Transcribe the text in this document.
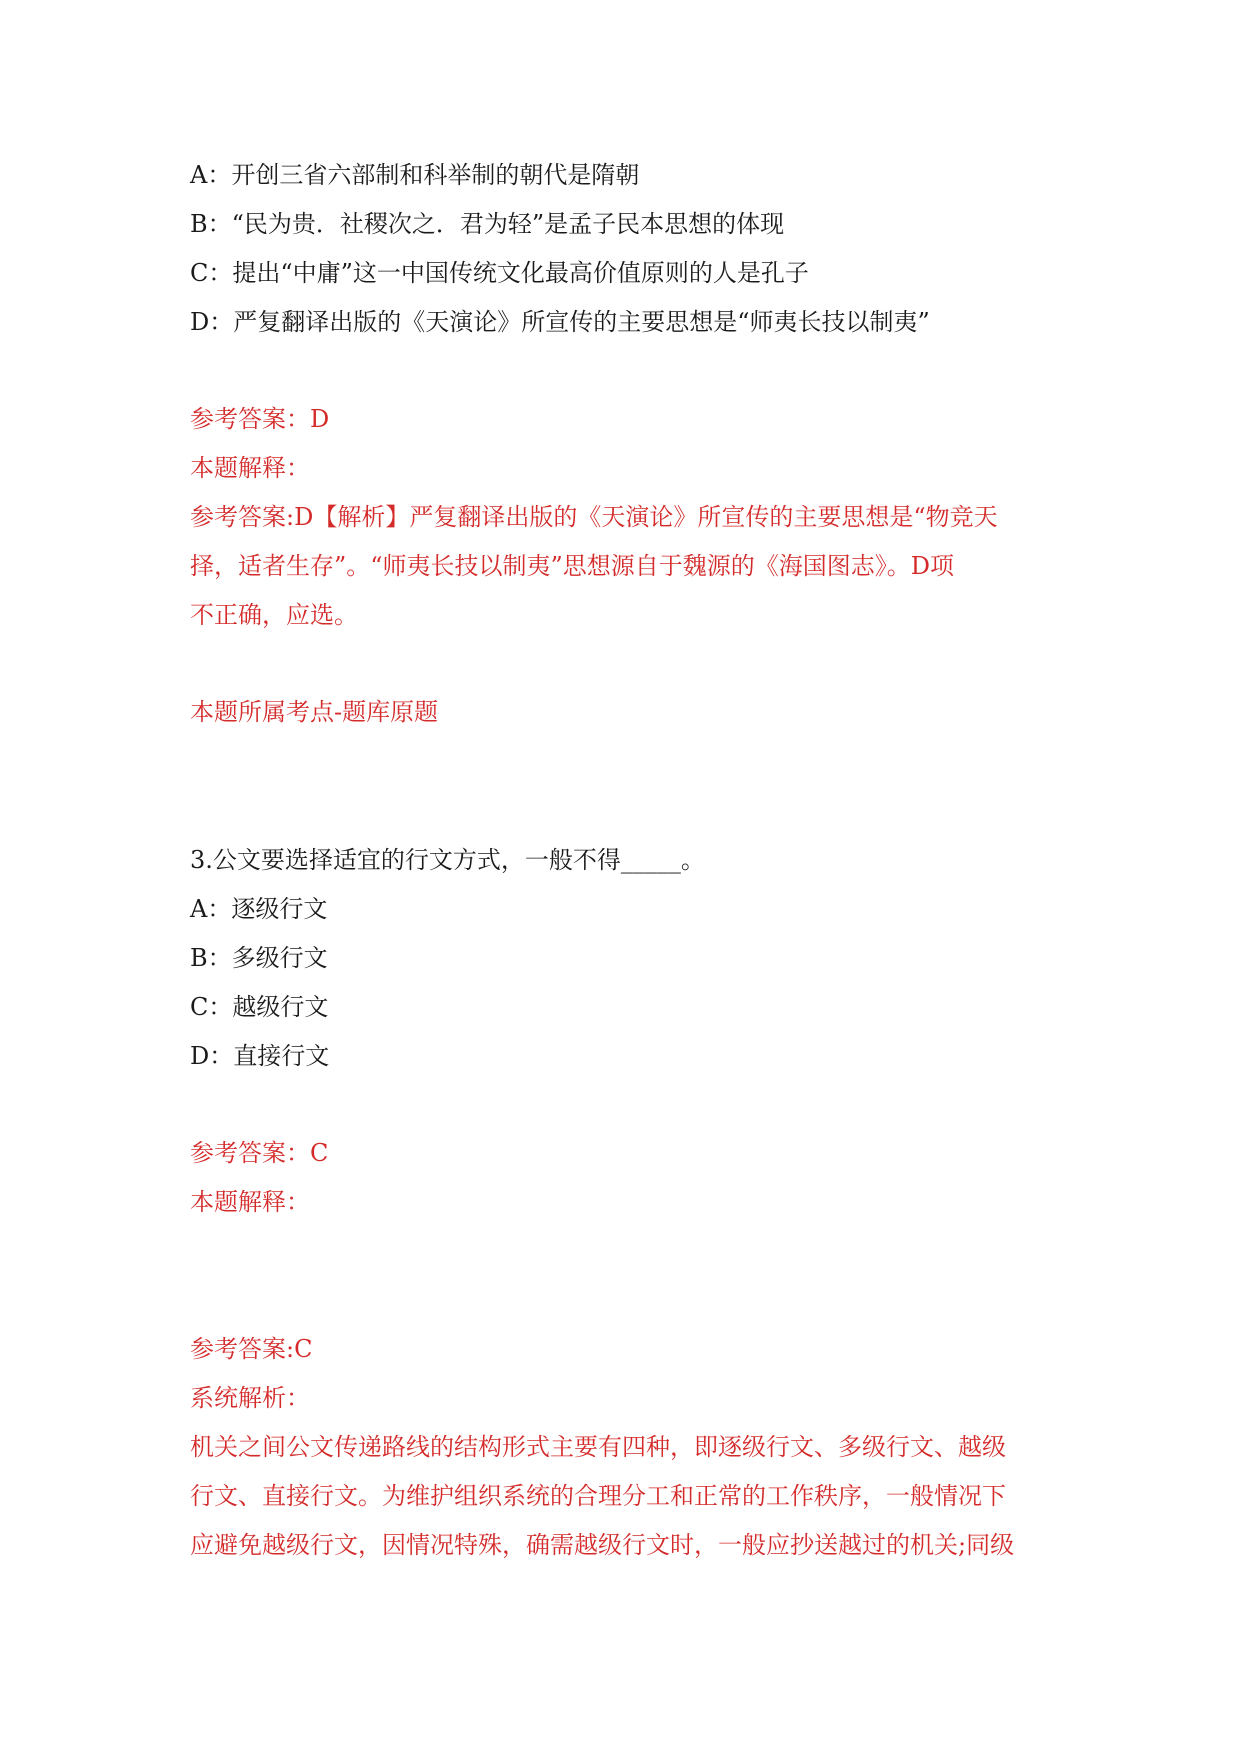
A：开创三省六部制和科举制的朝代是隋朝
B：“民为贵．社稷次之．君为轻”是孟子民本思想的体现
C：提出“中庸”这一中国传统文化最高价值原则的人是孔子
D：严复翻译出版的《天演论》所宣传的主要思想是“师夷长技以制夷”
参考答案：D
本题解释：
参考答案:D【解析】严复翻译出版的《天演论》所宣传的主要思想是“物竞天
择，适者生存”。“师夷长技以制夷”思想源自于魏源的《海国图志》。D项
不正确，应选。
本题所属考点-题库原题
3.公文要选择适宜的行文方式，一般不得_____。
A：逐级行文
B：多级行文
C：越级行文
D：直接行文
参考答案：C
本题解释：
参考答案:C
系统解析：
机关之间公文传递路线的结构形式主要有四种，即逐级行文、多级行文、越级
行文、直接行文。为维护组织系统的合理分工和正常的工作秩序，一般情况下
应避免越级行文，因情况特殊，确需越级行文时，一般应抄送越过的机关;同级
